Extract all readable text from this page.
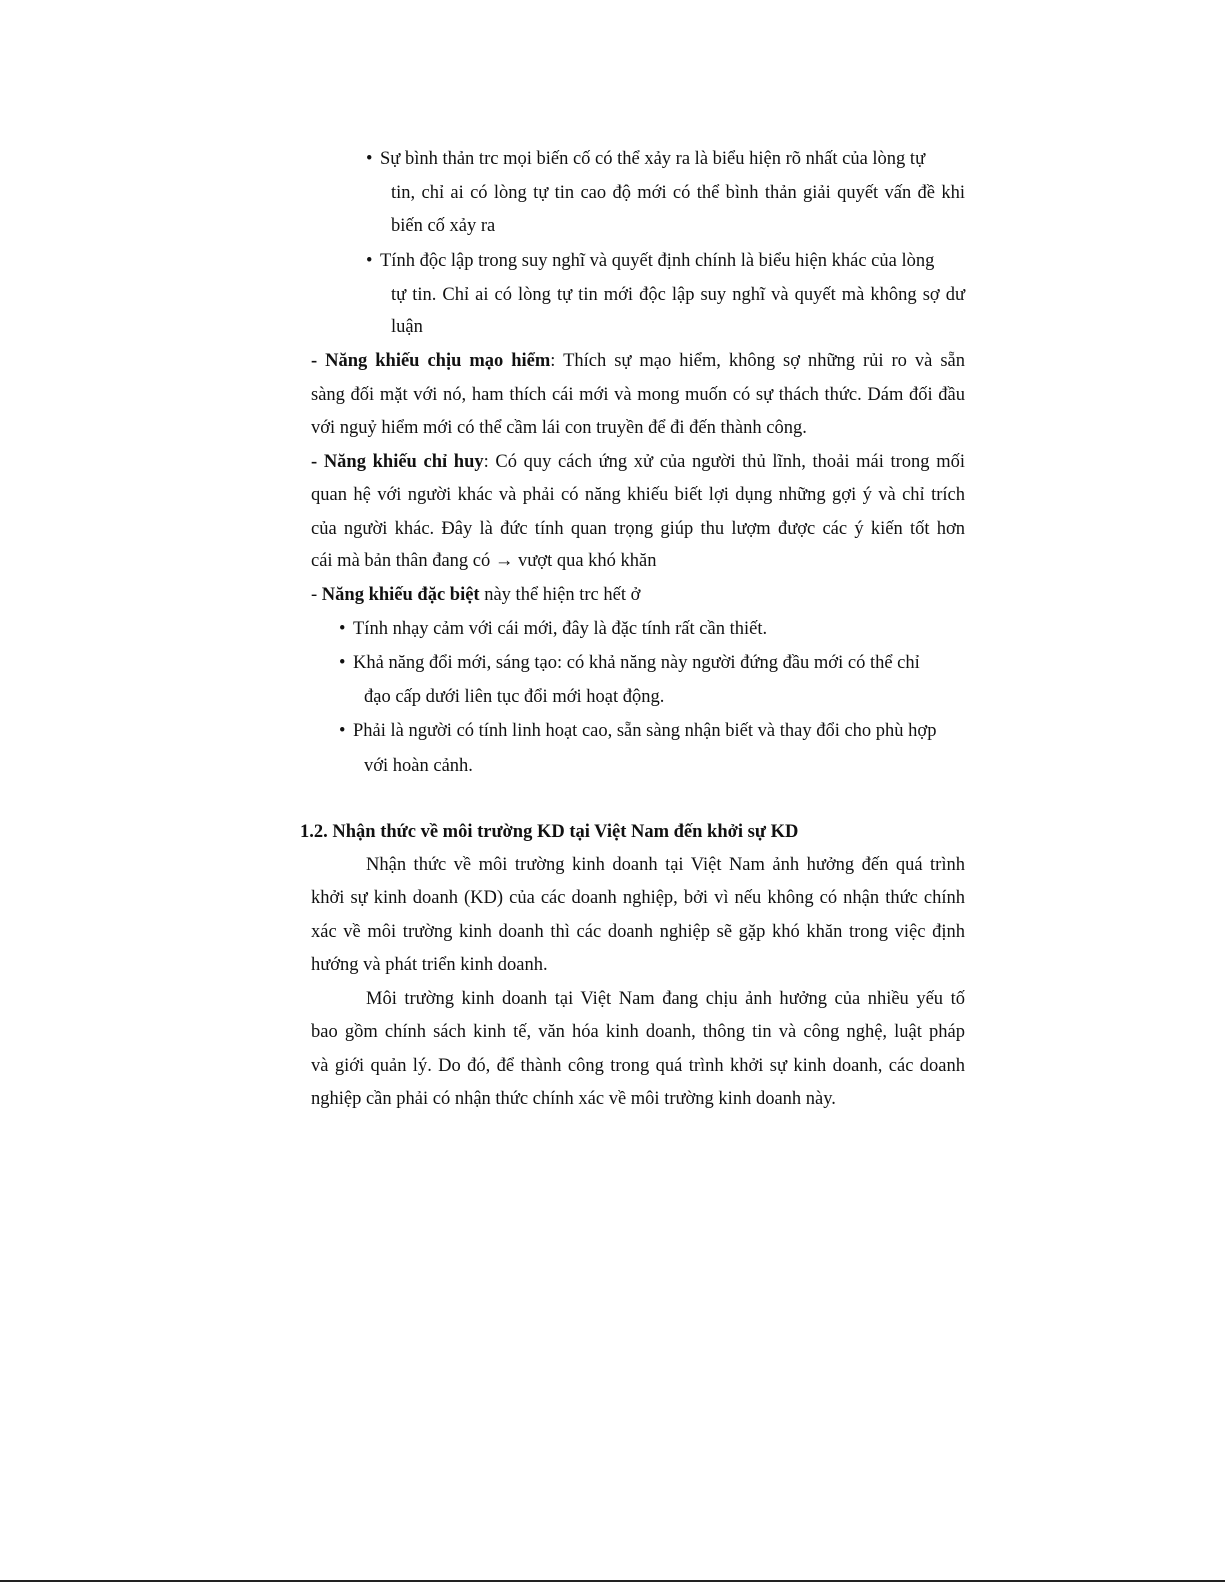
• Sự bình thản trc mọi biến cố có thể xảy ra là biểu hiện rõ nhất của lòng tự
tin, chỉ ai có lòng tự tin cao độ mới có thể bình thản giải quyết vấn đề khi
biến cố xảy ra
• Tính độc lập trong suy nghĩ và quyết định chính là biểu hiện khác của lòng
tự tin. Chỉ ai có lòng tự tin mới độc lập suy nghĩ và quyết mà không sợ dư
luận
- Năng khiếu chịu mạo hiểm: Thích sự mạo hiểm, không sợ những rủi ro và sẵn
sàng đối mặt với nó, ham thích cái mới và mong muốn có sự thách thức. Dám đối đầu
với nguỷ hiểm mới có thể cầm lái con truyền để đi đến thành công.
- Năng khiếu chỉ huy: Có quy cách ứng xử của người thủ lĩnh, thoải mái trong mối
quan hệ với người khác và phải có năng khiếu biết lợi dụng những gợi ý và chỉ trích
của người khác. Đây là đức tính quan trọng giúp thu lượm được các ý kiến tốt hơn
cái mà bản thân đang có → vượt qua khó khăn
- Năng khiếu đặc biệt này thể hiện trc hết ở
• Tính nhạy cảm với cái mới, đây là đặc tính rất cần thiết.
• Khả năng đổi mới, sáng tạo: có khả năng này người đứng đầu mới có thể chỉ
đạo cấp dưới liên tục đổi mới hoạt động.
• Phải là người có tính linh hoạt cao, sẵn sàng nhận biết và thay đổi cho phù hợp
với hoàn cảnh.
1.2. Nhận thức về môi trường KD tại Việt Nam đến khởi sự KD
Nhận thức về môi trường kinh doanh tại Việt Nam ảnh hưởng đến quá trình
khởi sự kinh doanh (KD) của các doanh nghiệp, bởi vì nếu không có nhận thức chính
xác về môi trường kinh doanh thì các doanh nghiệp sẽ gặp khó khăn trong việc định
hướng và phát triển kinh doanh.
Môi trường kinh doanh tại Việt Nam đang chịu ảnh hưởng của nhiều yếu tố
bao gồm chính sách kinh tế, văn hóa kinh doanh, thông tin và công nghệ, luật pháp
và giới quản lý. Do đó, để thành công trong quá trình khởi sự kinh doanh, các doanh
nghiệp cần phải có nhận thức chính xác về môi trường kinh doanh này.
